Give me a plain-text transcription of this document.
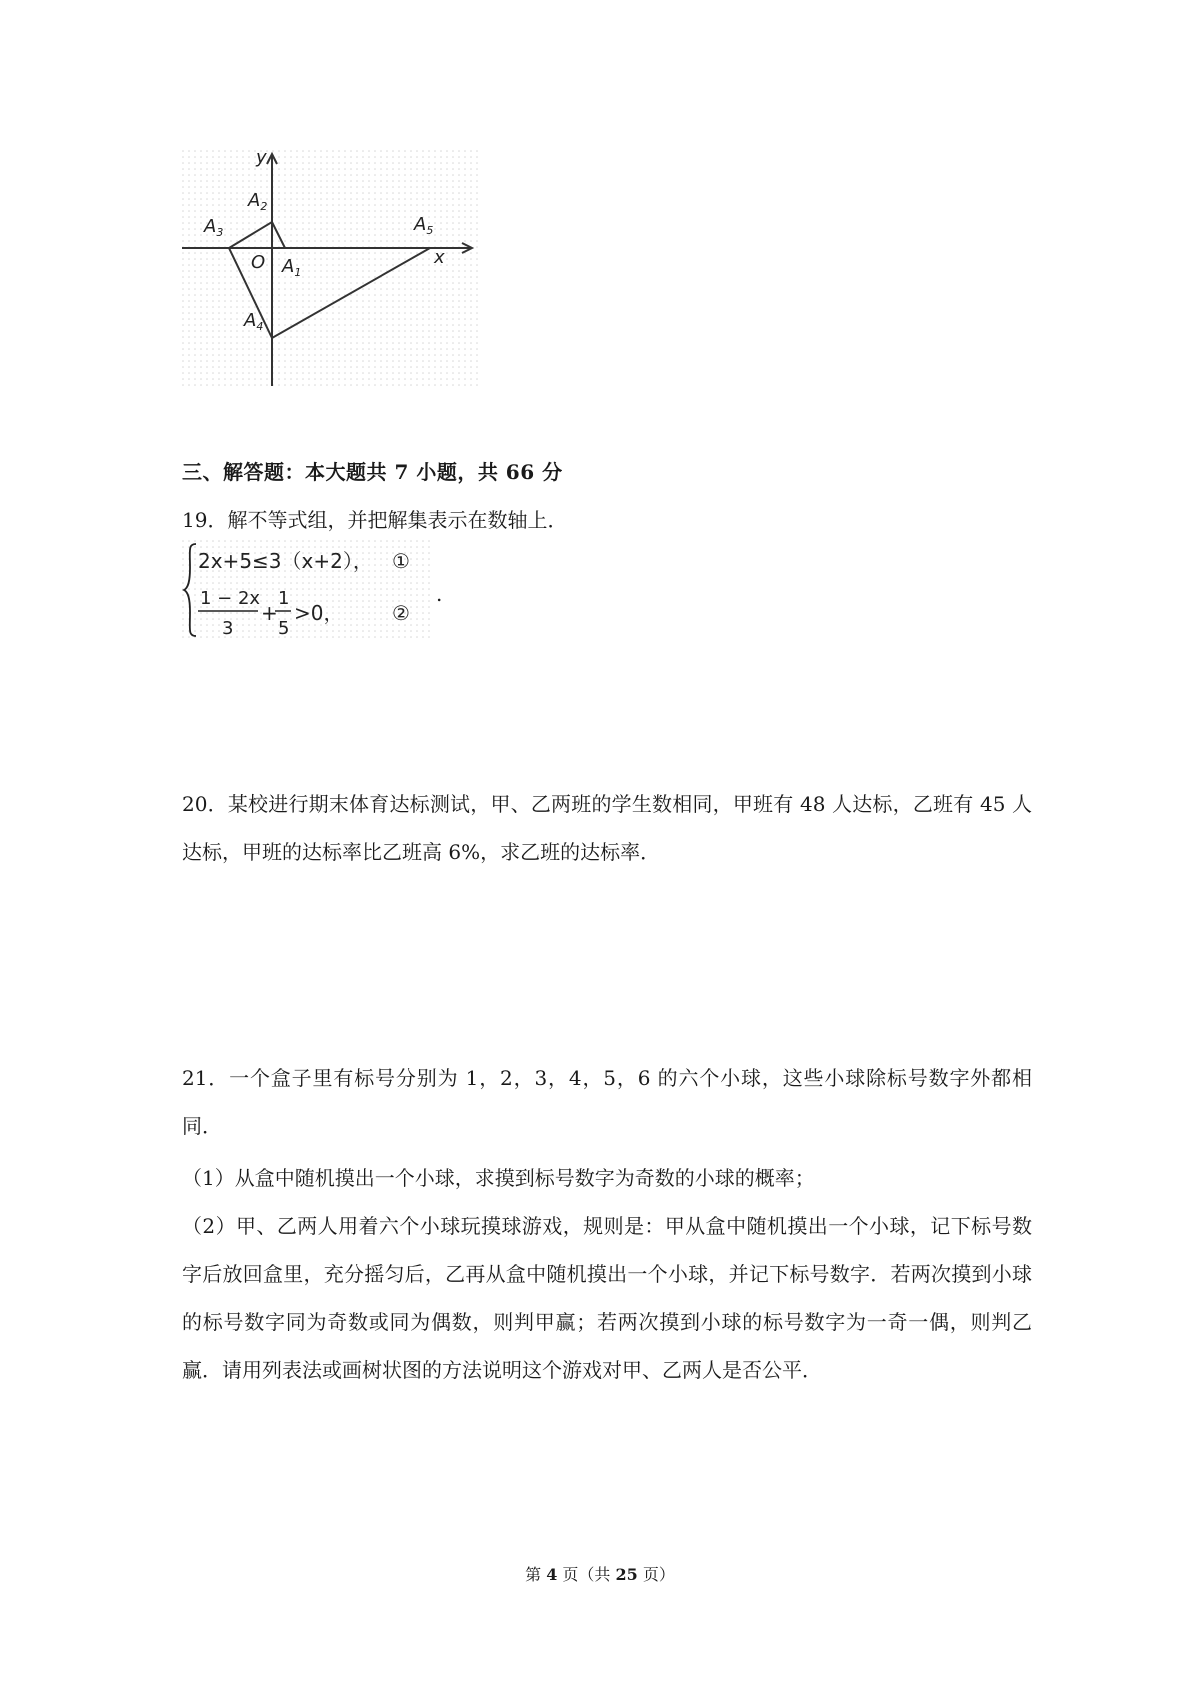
x
y
O $A_1$
$A_2$
$A_3$
$A_4$
$A_5$
三、解答题：本大题共 7 小题，共 66 分
19．解不等式组，并把解集表示在数轴上．
2x+5≤3（x+2）， ①
1 − 2x
3
+
1
5
>0， ②
.
20．某校进行期末体育达标测试，甲、乙两班的学生数相同，甲班有 48 人达标，乙班有 45 人达标，甲班的达标率比乙班高 6%，求乙班的达标率．
21．一个盒子里有标号分别为 1，2，3，4，5，6 的六个小球，这些小球除标号数字外都相同．
（1）从盒中随机摸出一个小球，求摸到标号数字为奇数的小球的概率；
（2）甲、乙两人用着六个小球玩摸球游戏，规则是：甲从盒中随机摸出一个小球，记下标号数字后放回盒里，充分摇匀后，乙再从盒中随机摸出一个小球，并记下标号数字．若两次摸到小球的标号数字同为奇数或同为偶数，则判甲赢；若两次摸到小球的标号数字为一奇一偶，则判乙赢．请用列表法或画树状图的方法说明这个游戏对甲、乙两人是否公平．
第 4 页（共 25 页）
